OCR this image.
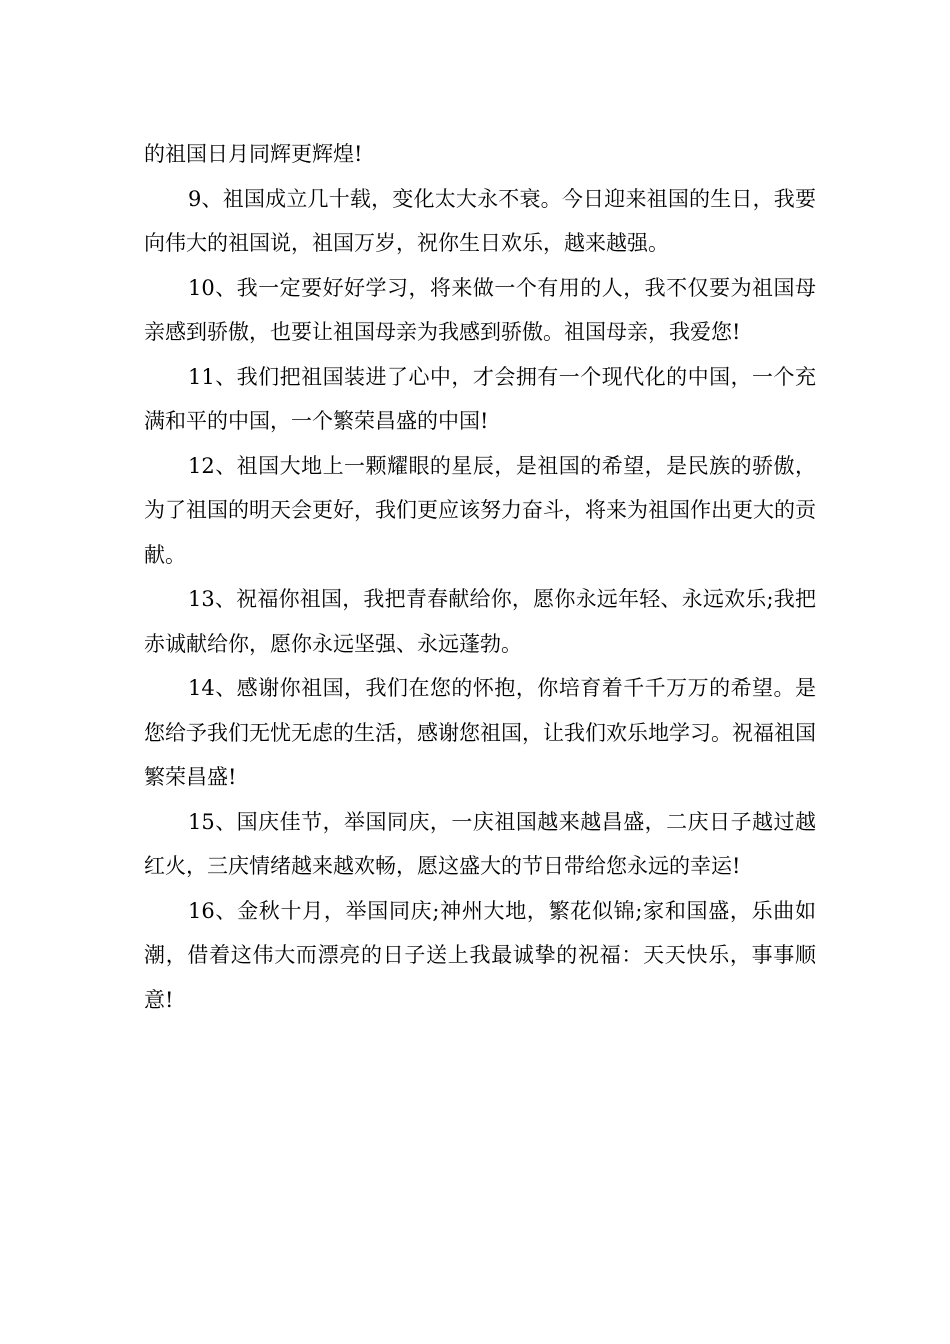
的祖国日月同辉更辉煌!

9、祖国成立几十载，变化太大永不衰。今日迎来祖国的生日，我要向伟大的祖国说，祖国万岁，祝你生日欢乐，越来越强。

10、我一定要好好学习，将来做一个有用的人，我不仅要为祖国母亲感到骄傲，也要让祖国母亲为我感到骄傲。祖国母亲，我爱您!

11、我们把祖国装进了心中，才会拥有一个现代化的中国，一个充满和平的中国，一个繁荣昌盛的中国!

12、祖国大地上一颗耀眼的星辰，是祖国的希望，是民族的骄傲，为了祖国的明天会更好，我们更应该努力奋斗，将来为祖国作出更大的贡献。

13、祝福你祖国，我把青春献给你，愿你永远年轻、永远欢乐;我把赤诚献给你，愿你永远坚强、永远蓬勃。

14、感谢你祖国，我们在您的怀抱，你培育着千千万万的希望。是您给予我们无忧无虑的生活，感谢您祖国，让我们欢乐地学习。祝福祖国繁荣昌盛!

15、国庆佳节，举国同庆，一庆祖国越来越昌盛，二庆日子越过越红火，三庆情绪越来越欢畅，愿这盛大的节日带给您永远的幸运!

16、金秋十月，举国同庆;神州大地，繁花似锦;家和国盛，乐曲如潮，借着这伟大而漂亮的日子送上我最诚挚的祝福：天天快乐，事事顺意!
